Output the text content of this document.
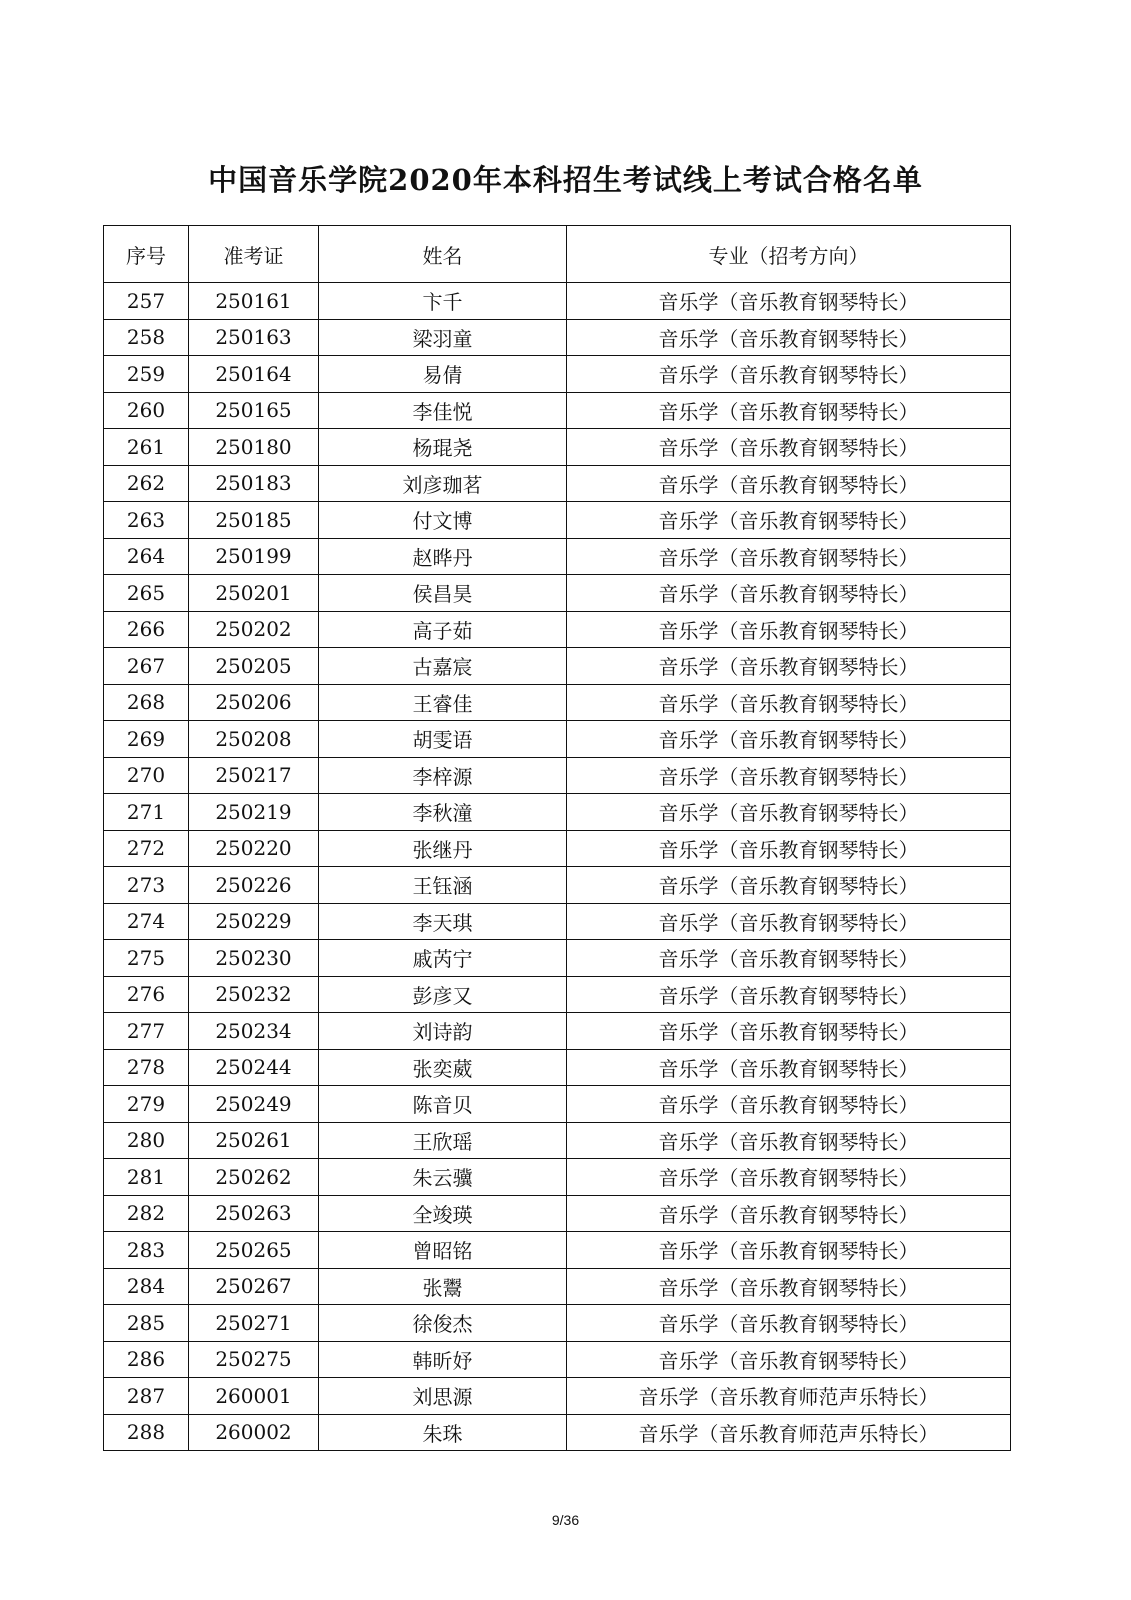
中国音乐学院2020年本科招生考试线上考试合格名单
序号	准考证	姓名	专业（招考方向）
257	250161	卞千	音乐学（音乐教育钢琴特长）
258	250163	梁羽童	音乐学（音乐教育钢琴特长）
259	250164	易倩	音乐学（音乐教育钢琴特长）
260	250165	李佳悦	音乐学（音乐教育钢琴特长）
261	250180	杨琨尧	音乐学（音乐教育钢琴特长）
262	250183	刘彦珈茗	音乐学（音乐教育钢琴特长）
263	250185	付文博	音乐学（音乐教育钢琴特长）
264	250199	赵晔丹	音乐学（音乐教育钢琴特长）
265	250201	侯昌昊	音乐学（音乐教育钢琴特长）
266	250202	高子茹	音乐学（音乐教育钢琴特长）
267	250205	古嘉宸	音乐学（音乐教育钢琴特长）
268	250206	王睿佳	音乐学（音乐教育钢琴特长）
269	250208	胡雯语	音乐学（音乐教育钢琴特长）
270	250217	李梓源	音乐学（音乐教育钢琴特长）
271	250219	李秋潼	音乐学（音乐教育钢琴特长）
272	250220	张继丹	音乐学（音乐教育钢琴特长）
273	250226	王钰涵	音乐学（音乐教育钢琴特长）
274	250229	李天琪	音乐学（音乐教育钢琴特长）
275	250230	戚芮宁	音乐学（音乐教育钢琴特长）
276	250232	彭彦又	音乐学（音乐教育钢琴特长）
277	250234	刘诗韵	音乐学（音乐教育钢琴特长）
278	250244	张奕葳	音乐学（音乐教育钢琴特长）
279	250249	陈音贝	音乐学（音乐教育钢琴特长）
280	250261	王欣瑶	音乐学（音乐教育钢琴特长）
281	250262	朱云骥	音乐学（音乐教育钢琴特长）
282	250263	全竣瑛	音乐学（音乐教育钢琴特长）
283	250265	曾昭铭	音乐学（音乐教育钢琴特长）
284	250267	张鬻	音乐学（音乐教育钢琴特长）
285	250271	徐俊杰	音乐学（音乐教育钢琴特长）
286	250275	韩昕妤	音乐学（音乐教育钢琴特长）
287	260001	刘思源	音乐学（音乐教育师范声乐特长）
288	260002	朱珠	音乐学（音乐教育师范声乐特长）
9/36
